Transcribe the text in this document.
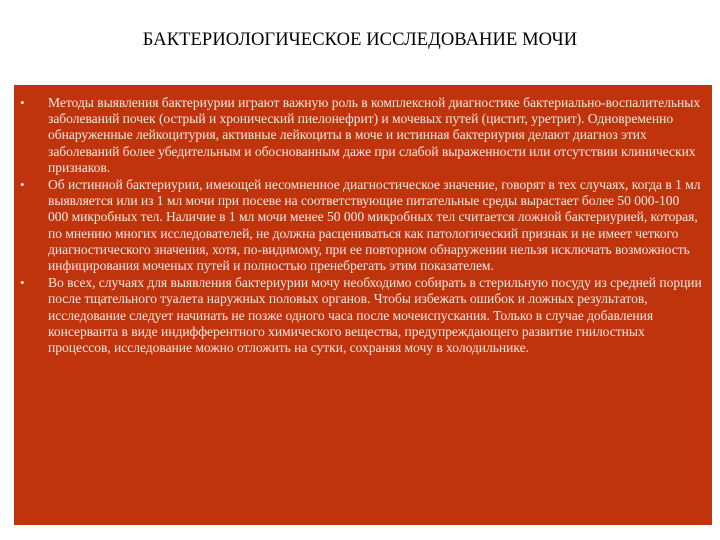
БАКТЕРИОЛОГИЧЕСКОЕ ИССЛЕДОВАНИЕ МОЧИ
• Методы выявления бактериурии играют важную роль в комплексной диагностике бактериально-воспалительных заболеваний почек (острый и хронический пиелонефрит) и мочевых путей (цистит, уретрит). Одновременно обнаруженные лейкоцитурия, активные лейкоциты в моче и истинная бактериурия делают диагноз этих заболеваний более убедительным и обоснованным даже при слабой выраженности или отсутствии клинических признаков.
• Об истинной бактериурии, имеющей несомненное диагностическое значение, говорят в тех случаях, когда в 1 мл выявляется или из 1 мл мочи при посеве на соответствующие питательные среды вырастает более 50 000-100 000 микробных тел. Наличие в 1 мл мочи менее 50 000 микробных тел считается ложной бактериурией, которая, по мнению многих исследователей, не должна расцениваться как патологический признак и не имеет четкого диагностического значения, хотя, по-видимому, при ее повторном обнаружении нельзя исключать возможность инфицирования моченых путей и полностью пренебрегать этим показателем.
• Во всех, случаях для выявления бактериурии мочу необходимо собирать в стерильную посуду из средней порции после тщательного туалета наружных половых органов. Чтобы избежать ошибок и ложных результатов, исследование следует начинать не позже одного часа после мочеиспускания. Только в случае добавления консерванта в виде индифферентного химического вещества, предупреждающего развитие гнилостных процессов, исследование можно отложить на сутки, сохраняя мочу в холодильнике.
